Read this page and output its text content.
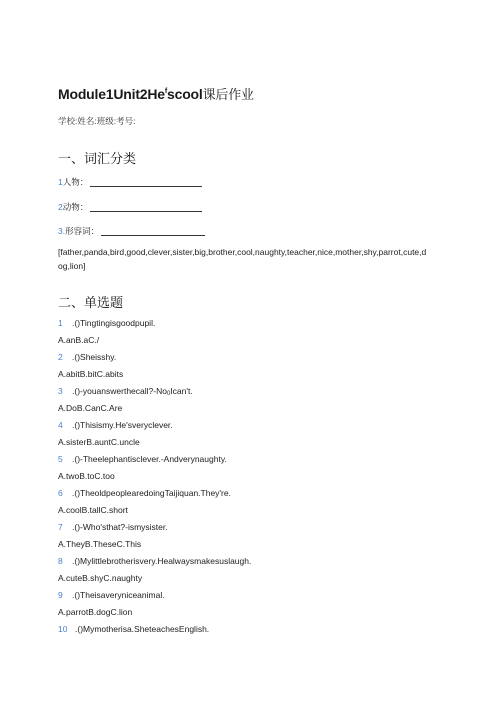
Module1Unit2He$^f$scool课后作业
学校:姓名:班级:考号:
一、词汇分类
1人物：
2动物：
3.形容词：
[father,panda,bird,good,clever,sister,big,brother,cool,naughty,teacher,nice,mother,shy,parrot,cute,dog,lion]
二、单选题
1 .()Tingtingisgoodpupil.
A.anB.aC./
2 .()Sheisshy.
A.abitB.bitC.abits
3 .()-youanswerthecall?-No0Ican't.
A.DoB.CanC.Are
4 .()Thisismy.He'sveryclever.
A.sisterB.auntC.uncle
5 .()-Theelephantisclever.-Andverynaughty.
A.twoB.toC.too
6 .()TheoldpeoplearedoingTaijiquan.They're.
A.coolB.tallC.short
7 .()-Who'sthat?-ismysister.
A.TheyB.TheseC.This
8 .()Mylittlebrotherisvery.Healwaysmakesuslaugh.
A.cuteB.shyC.naughty
9 .()Theisaveryniceanimal.
A.parrotB.dogC.lion
10 .()Mymotherisa.SheteachesEnglish.
